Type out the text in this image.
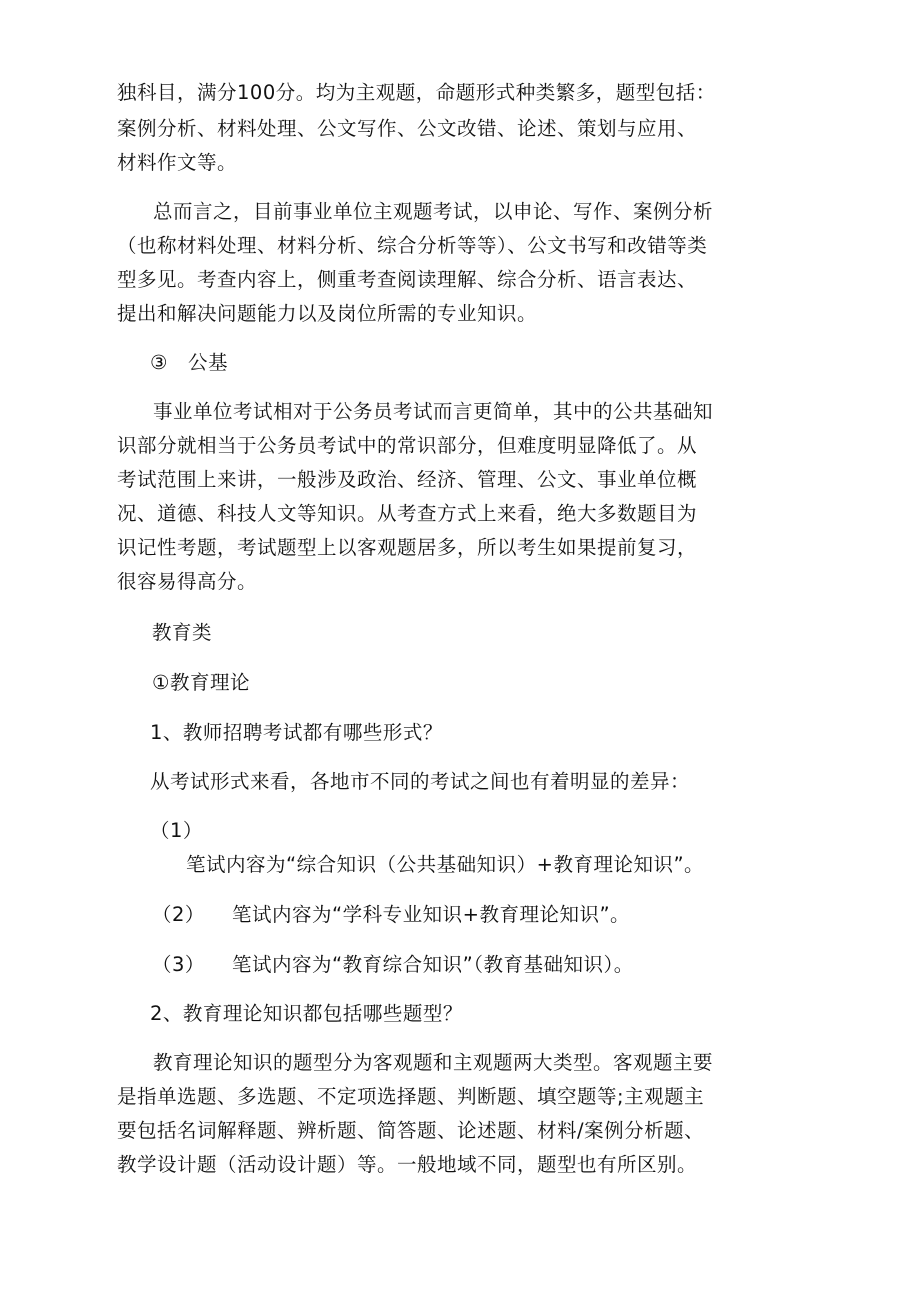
独科目，满分100分。均为主观题，命题形式种类繁多，题型包括：
案例分析、材料处理、公文写作、公文改错、论述、策划与应用、
材料作文等。
总而言之，目前事业单位主观题考试，以申论、写作、案例分析
（也称材料处理、材料分析、综合分析等等）、公文书写和改错等类
型多见。考查内容上，侧重考查阅读理解、综合分析、语言表达、
提出和解决问题能力以及岗位所需的专业知识。
③　公基
事业单位考试相对于公务员考试而言更简单，其中的公共基础知
识部分就相当于公务员考试中的常识部分，但难度明显降低了。从
考试范围上来讲，一般涉及政治、经济、管理、公文、事业单位概
况、道德、科技人文等知识。从考查方式上来看，绝大多数题目为
识记性考题，考试题型上以客观题居多，所以考生如果提前复习，
很容易得高分。
教育类
①教育理论
1、教师招聘考试都有哪些形式？
从考试形式来看，各地市不同的考试之间也有着明显的差异：
（1）
笔试内容为“综合知识（公共基础知识）+教育理论知识”。
（2） 笔试内容为“学科专业知识+教育理论知识”。
（3） 笔试内容为“教育综合知识”（教育基础知识）。
2、教育理论知识都包括哪些题型？
教育理论知识的题型分为客观题和主观题两大类型。客观题主要
是指单选题、多选题、不定项选择题、判断题、填空题等;主观题主
要包括名词解释题、辨析题、简答题、论述题、材料/案例分析题、
教学设计题（活动设计题）等。一般地域不同，题型也有所区别。
